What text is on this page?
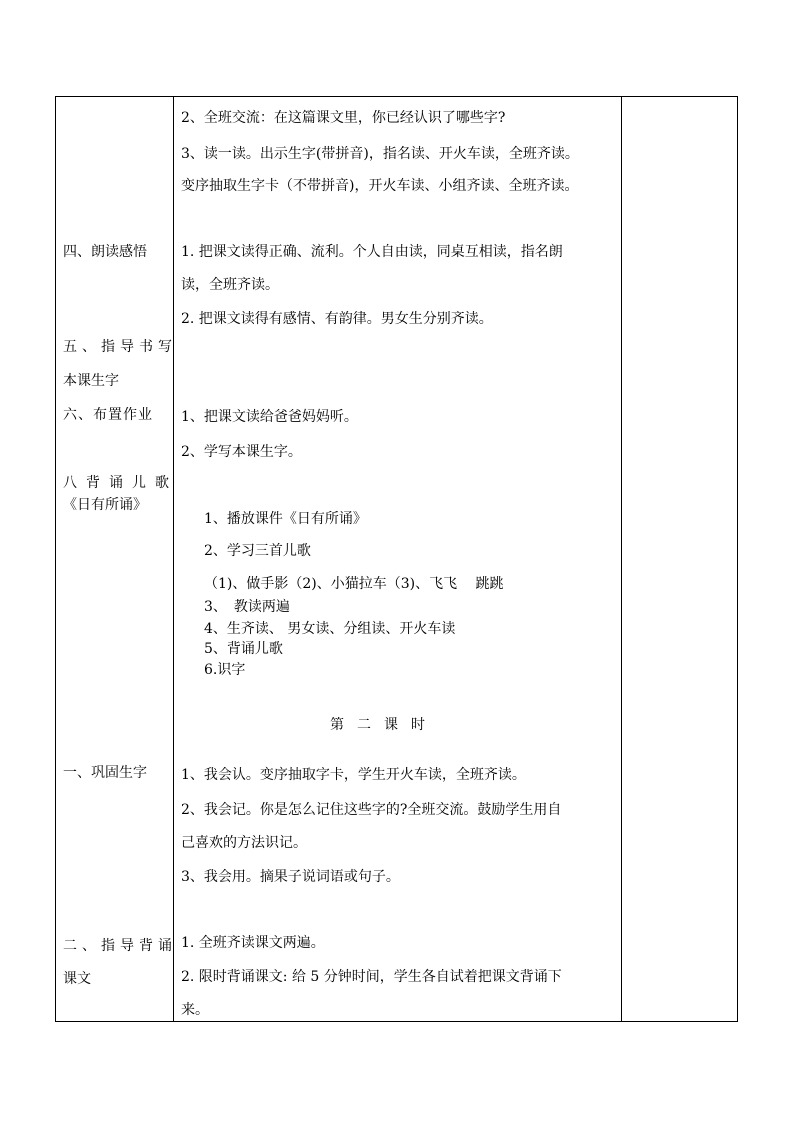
四、朗读感悟
五、指导书写
本课生字
六、布置作业
八背诵儿歌
《日有所诵》
一、巩固生字
二、指导背诵
课文
2、全班交流：在这篇课文里，你已经认识了哪些字?
3、读一读。出示生字(带拼音)，指名读、开火车读，全班齐读。
变序抽取生字卡（不带拼音)，开火车读、小组齐读、全班齐读。
1. 把课文读得正确、流利。个人自由读，同桌互相读，指名朗
读，全班齐读。
2. 把课文读得有感情、有韵律。男女生分别齐读。
1、把课文读给爸爸妈妈听。
2、学写本课生字。
1、播放课件《日有所诵》
2、学习三首儿歌
（1)、做手影（2)、小猫拉车（3)、飞飞　 跳跳
3、　教读两遍
4、生齐读、 男女读、分组读、开火车读
5、背诵儿歌
6.识字
第二课时
1、我会认。变序抽取字卡，学生开火车读，全班齐读。
2、我会记。你是怎么记住这些字的?全班交流。鼓励学生用自
己喜欢的方法识记。
3、我会用。摘果子说词语或句子。
1. 全班齐读课文两遍。
2. 限时背诵课文: 给 5 分钟时间，学生各自试着把课文背诵下
来。
